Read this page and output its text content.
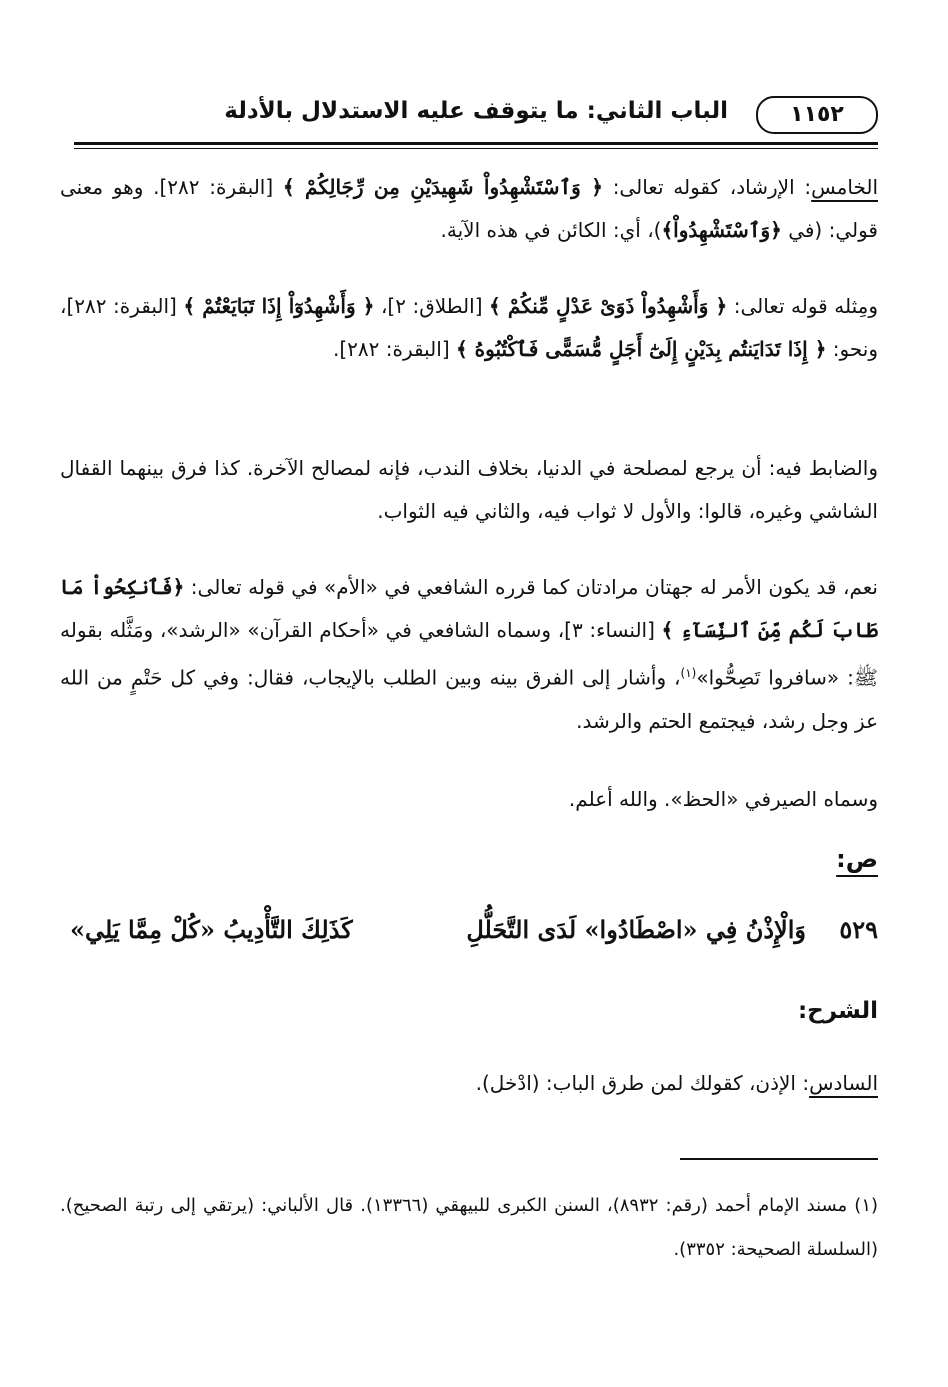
١١٥٢
الباب الثاني: ما يتوقف عليه الاستدلال بالأدلة
الخامس: الإرشاد، كقوله تعالى: ﴿ وَٱسْتَشْهِدُواْ شَهِيدَيْنِ مِن رِّجَالِكُمْ ﴾ [البقرة: ٢٨٢]. وهو معنى قولي: (في ﴿وَٱسْتَشْهِدُواْ﴾)، أي: الكائن في هذه الآية.
ومِثله قوله تعالى: ﴿ وَأَشْهِدُواْ ذَوَىْ عَدْلٍ مِّنكُمْ ﴾ [الطلاق: ٢]، ﴿ وَأَشْهِدُوٓاْ إِذَا تَبَايَعْتُمْ ﴾ [البقرة: ٢٨٢]، ونحو: ﴿ إِذَا تَدَايَنتُم بِدَيْنٍ إِلَىٰٓ أَجَلٍ مُّسَمًّى فَٱكْتُبُوهُ ﴾ [البقرة: ٢٨٢].
والضابط فيه: أن يرجع لمصلحة في الدنيا، بخلاف الندب، فإنه لمصالح الآخرة. كذا فرق بينهما القفال الشاشي وغيره، قالوا: والأول لا ثواب فيه، والثاني فيه الثواب.
نعم، قد يكون الأمر له جهتان مرادتان كما قرره الشافعي في «الأم» في قوله تعالى: ﴿فَٱنكِحُواْ مَا طَابَ لَكُم مِّنَ ٱلنِّسَآءِ ﴾ [النساء: ٣]، وسماه الشافعي في «أحكام القرآن» «الرشد»، ومَثَّله بقوله ﷺ: «سافروا تَصِحُّوا»$^{(١)}$، وأشار إلى الفرق بينه وبين الطلب بالإيجاب، فقال: وفي كل حَتْمٍ من الله عز وجل رشد، فيجتمع الحتم والرشد.
وسماه الصيرفي «الحظ». والله أعلم.
ص:
٥٢٩
وَالْإِذْنُ فِي «اصْطَادُوا» لَدَى التَّحَلُّلِ
كَذَلِكَ التَّأْدِيبُ «كُلْ مِمَّا يَلِي»
الشرح:
السادس: الإذن، كقولك لمن طرق الباب: (ادْخل).
(١) مسند الإمام أحمد (رقم: ٨٩٣٢)، السنن الكبرى للبيهقي (١٣٣٦٦). قال الألباني: (يرتقي إلى رتبة الصحيح). (السلسلة الصحيحة: ٣٣٥٢).
